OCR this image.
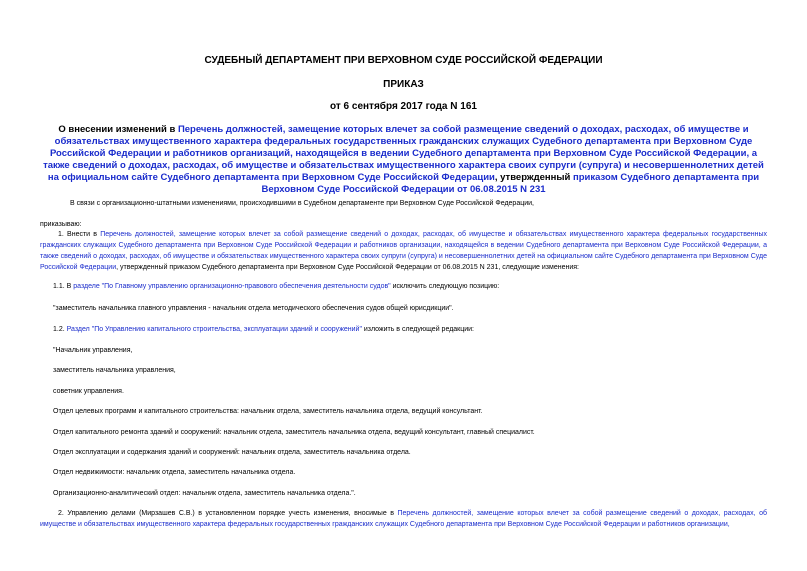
СУДЕБНЫЙ ДЕПАРТАМЕНТ ПРИ ВЕРХОВНОМ СУДЕ РОССИЙСКОЙ ФЕДЕРАЦИИ
ПРИКАЗ
от 6 сентября 2017 года N 161
О внесении изменений в Перечень должностей, замещение которых влечет за собой размещение сведений о доходах, расходах, об имуществе и обязательствах имущественного характера федеральных государственных гражданских служащих Судебного департамента при Верховном Суде Российской Федерации и работников организаций, находящейся в ведении Судебного департамента при Верховном Суде Российской Федерации, а также сведений о доходах, расходах, об имуществе и обязательствах имущественного характера своих супруги (супруга) и несовершеннолетних детей на официальном сайте Судебного департамента при Верховном Суде Российской Федерации, утвержденный приказом Судебного департамента при Верховном Суде Российской Федерации от 06.08.2015 N 231
В связи с организационно-штатными изменениями, происходившими в Судебном департаменте при Верховном Суде Российской Федерации,
приказываю:
1. Внести в Перечень должностей, замещение которых влечет за собой размещение сведений о доходах, расходах, об имуществе и обязательствах имущественного характера федеральных государственных гражданских служащих Судебного департамента при Верховном Суде Российской Федерации и работников организации, находящейся в ведении Судебного департамента при Верховном Суде Российской Федерации, а также сведений о доходах, расходах, об имуществе и обязательствах имущественного характера своих супруги (супруга) и несовершеннолетних детей на официальном сайте Судебного департамента при Верховном Суде Российской Федерации, утвержденный приказом Судебного департамента при Верховном Суде Российской Федерации от 06.08.2015 N 231, следующие изменения:
1.1. В разделе "По Главному управлению организационно-правового обеспечения деятельности судов" исключить следующую позицию:
"заместитель начальника главного управления - начальник отдела методического обеспечения судов общей юрисдикции".
1.2. Раздел "По Управлению капитального строительства, эксплуатации зданий и сооружений" изложить в следующей редакции:
"Начальник управления,
заместитель начальника управления,
советник управления.
Отдел целевых программ и капитального строительства: начальник отдела, заместитель начальника отдела, ведущий консультант.
Отдел капитального ремонта зданий и сооружений: начальник отдела, заместитель начальника отдела, ведущий консультант, главный специалист.
Отдел эксплуатации и содержания зданий и сооружений: начальник отдела, заместитель начальника отдела.
Отдел недвижимости: начальник отдела, заместитель начальника отдела.
Организационно-аналитический отдел: начальник отдела, заместитель начальника отдела.".
2. Управлению делами (Мирзашев С.В.) в установленном порядке учесть изменения, вносимые в Перечень должностей, замещение которых влечет за собой размещение сведений о доходах, расходах, об имуществе и обязательствах имущественного характера федеральных государственных гражданских служащих Судебного департамента при Верховном Суде Российской Федерации и работников организации,
